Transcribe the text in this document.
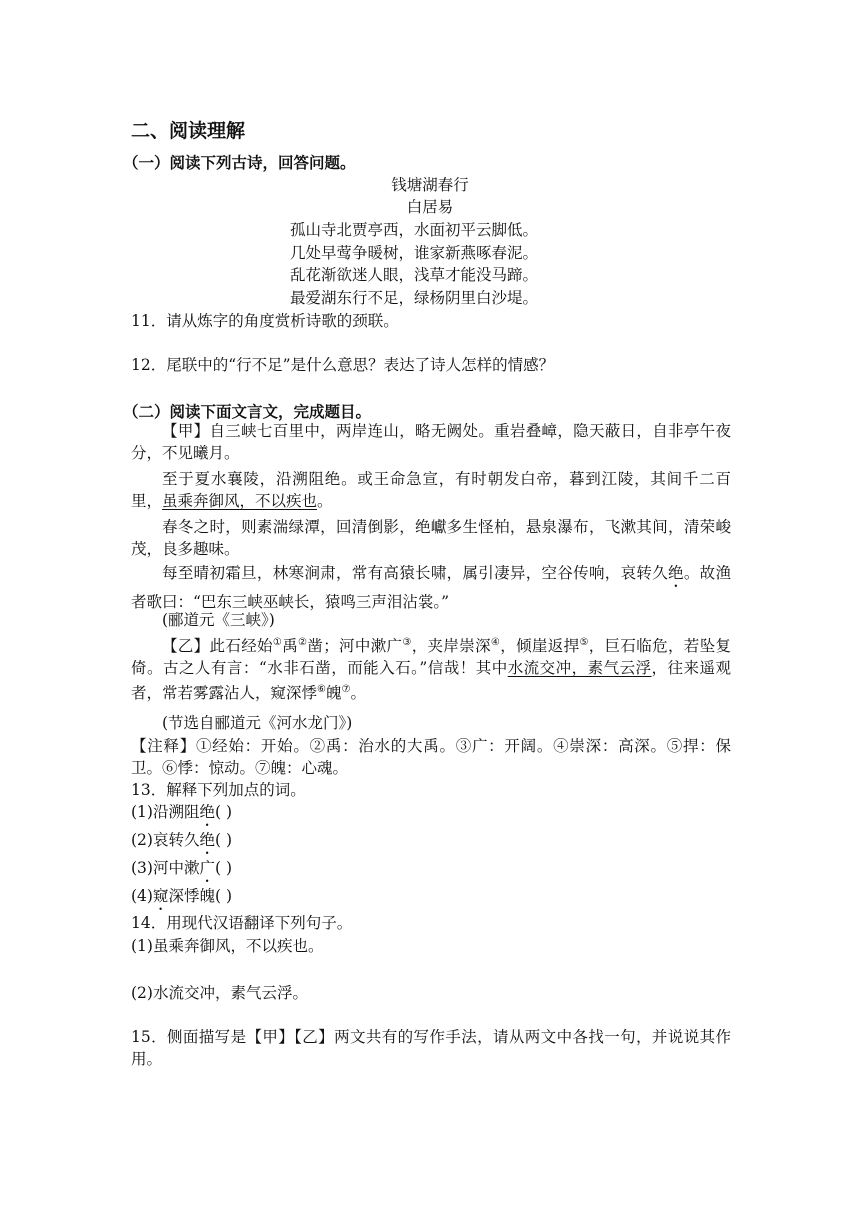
二、阅读理解
（一）阅读下列古诗，回答问题。
钱塘湖春行
白居易
孤山寺北贾亭西，水面初平云脚低。
几处早莺争暖树，谁家新燕啄春泥。
乱花渐欲迷人眼，浅草才能没马蹄。
最爱湖东行不足，绿杨阴里白沙堤。
11．请从炼字的角度赏析诗歌的颈联。
12．尾联中的“行不足”是什么意思？表达了诗人怎样的情感？
（二）阅读下面文言文，完成题目。
【甲】自三峡七百里中，两岸连山，略无阙处。重岩叠嶂，隐天蔽日，自非亭午夜分，不见曦月。
至于夏水襄陵，沿溯阻绝。或王命急宣，有时朝发白帝，暮到江陵，其间千二百里，虽乘奔御风，不以疾也。
春冬之时，则素湍绿潭，回清倒影，绝巘多生怪柏，悬泉瀑布，飞漱其间，清荣峻茂，良多趣味。
每至晴初霜旦，林寒涧肃，常有高猿长啸，属引凄异，空谷传响，哀转久绝。故渔者歌曰：“巴东三峡巫峡长，猿鸣三声泪沾裳。”
(郦道元《三峡》)
【乙】此石经始①禹②凿；河中漱广③，夹岸崇深④，倾崖返捍⑤，巨石临危，若坠复倚。古之人有言：“水非石凿，而能入石。”信哉！其中水流交冲，素气云浮，往来遥观者，常若雾露沾人，窥深悸⑥魄⑦。
(节选自郦道元《河水龙门》)
【注释】①经始：开始。②禹：治水的大禹。③广：开阔。④崇深：高深。⑤捍：保卫。⑥悸：惊动。⑦魄：心魂。
13．解释下列加点的词。
(1)沿溯阻绝( )
(2)哀转久绝( )
(3)河中漱广( )
(4)窥深悸魄( )
14．用现代汉语翻译下列句子。
(1)虽乘奔御风，不以疾也。
(2)水流交冲，素气云浮。
15．侧面描写是【甲】【乙】两文共有的写作手法，请从两文中各找一句，并说说其作用。
